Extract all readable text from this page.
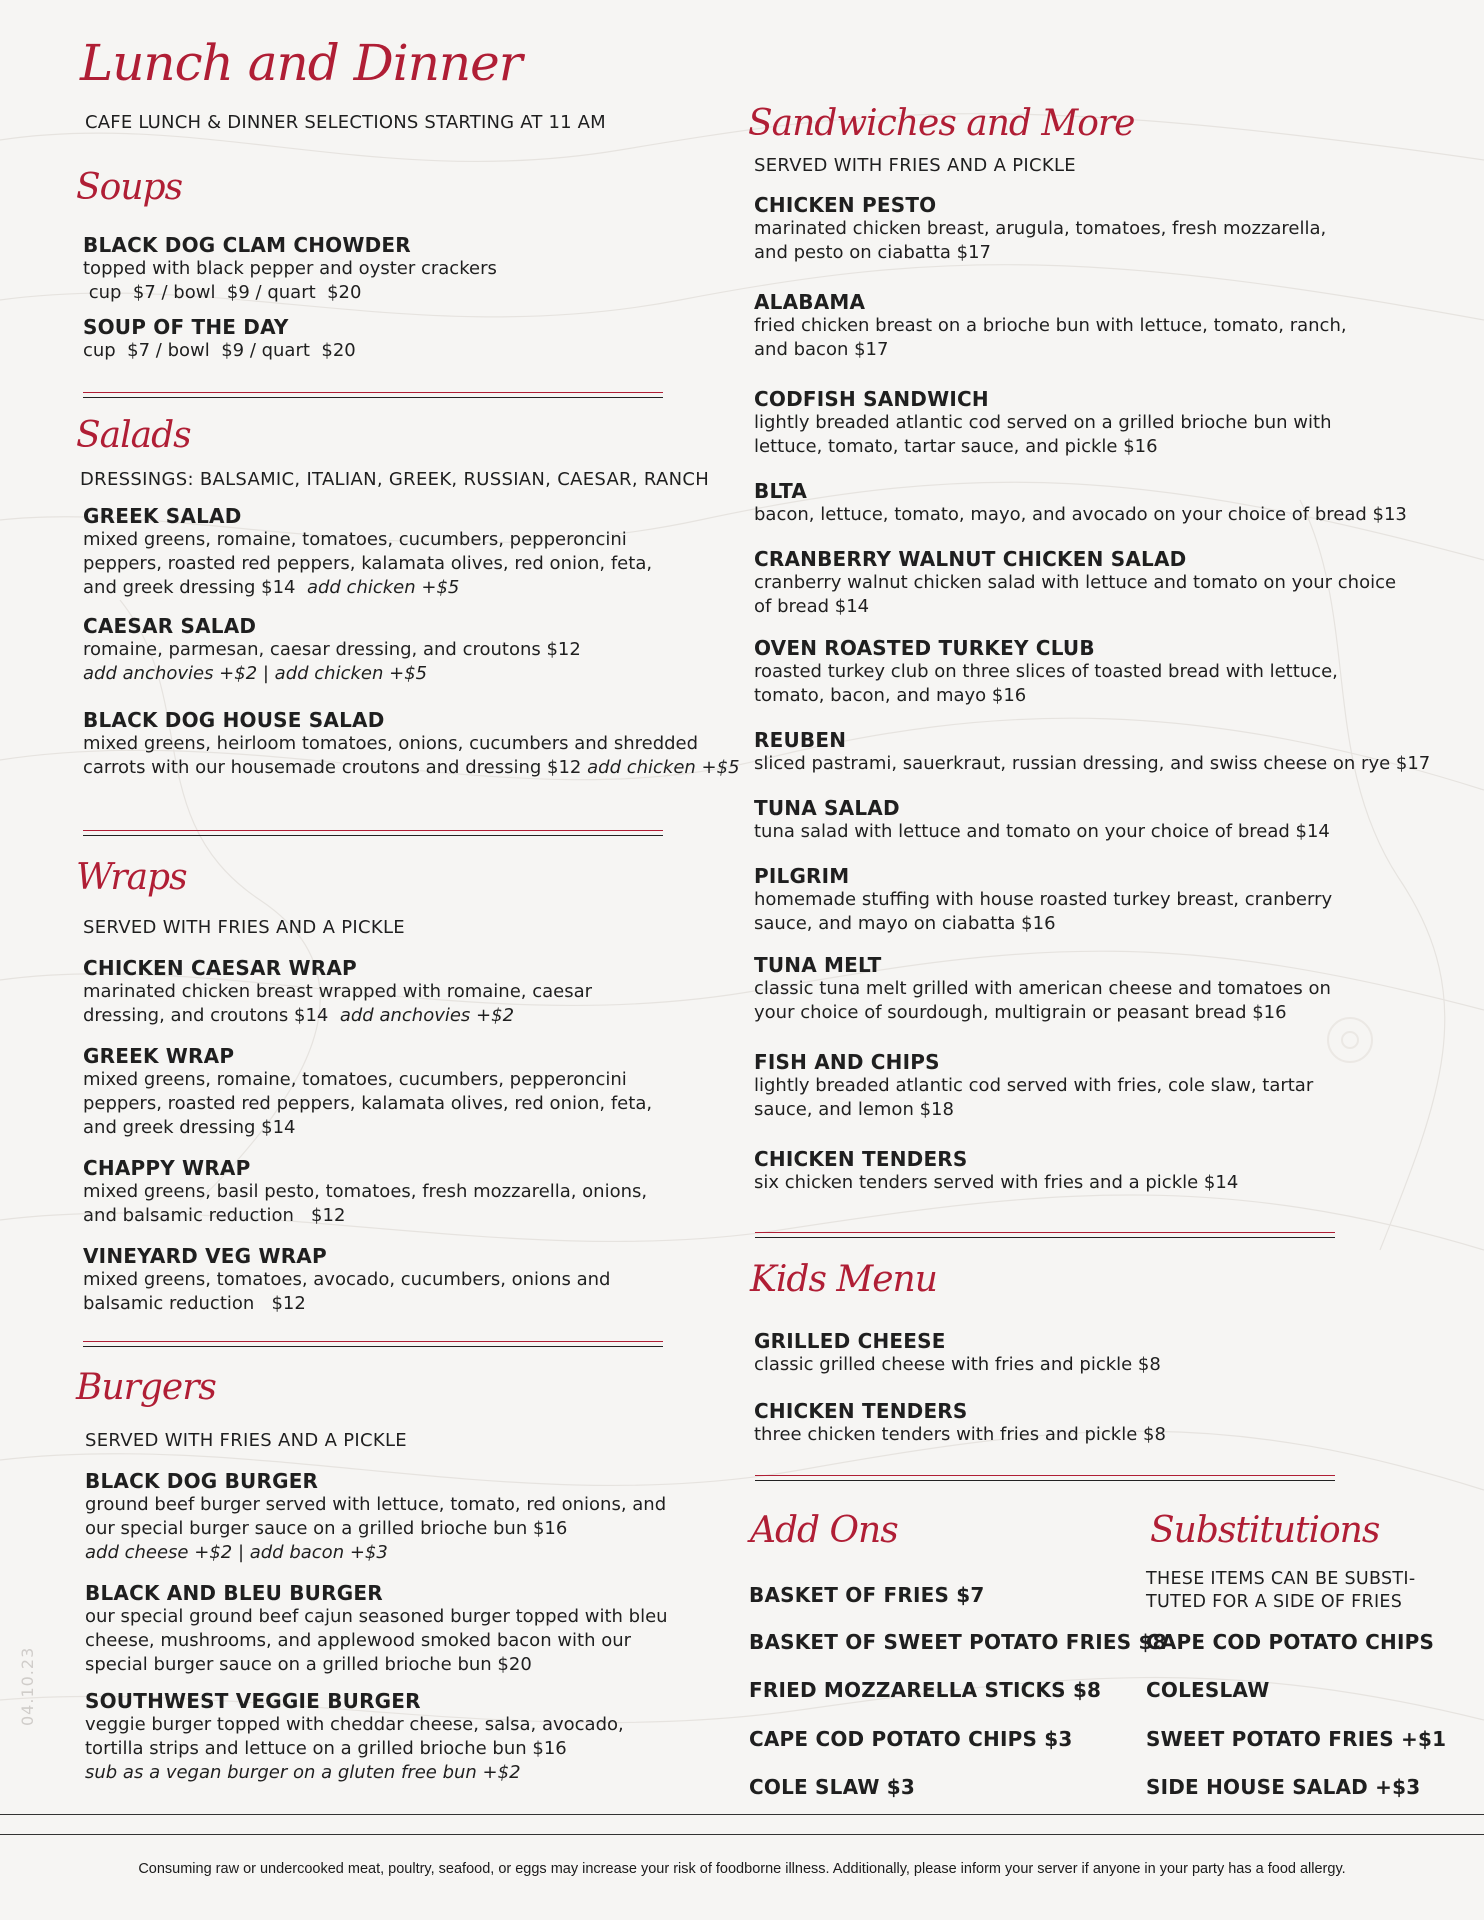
04.10.23
Lunch and Dinner
CAFE LUNCH & DINNER SELECTIONS STARTING AT 11 AM
Soups
BLACK DOG CLAM CHOWDER
topped with black pepper and oyster crackers
cup  $7 / bowl  $9 / quart  $20
SOUP OF THE DAY
cup  $7 / bowl  $9 / quart  $20
Salads
DRESSINGS: BALSAMIC, ITALIAN, GREEK, RUSSIAN, CAESAR, RANCH
GREEK SALAD
mixed greens, romaine, tomatoes, cucumbers, pepperoncini
peppers, roasted red peppers, kalamata olives, red onion, feta,
and greek dressing $14 add chicken +$5
CAESAR SALAD
romaine, parmesan, caesar dressing, and croutons $12
add anchovies +$2 | add chicken +$5
BLACK DOG HOUSE SALAD
mixed greens, heirloom tomatoes, onions, cucumbers and shredded
carrots with our housemade croutons and dressing $12 add chicken +$5
Wraps
SERVED WITH FRIES AND A PICKLE
CHICKEN CAESAR WRAP
marinated chicken breast wrapped with romaine, caesar
dressing, and croutons $14 add anchovies +$2
GREEK WRAP
mixed greens, romaine, tomatoes, cucumbers, pepperoncini
peppers, roasted red peppers, kalamata olives, red onion, feta,
and greek dressing $14
CHAPPY WRAP
mixed greens, basil pesto, tomatoes, fresh mozzarella, onions,
and balsamic reduction   $12
VINEYARD VEG WRAP
mixed greens, tomatoes, avocado, cucumbers, onions and
balsamic reduction   $12
Burgers
SERVED WITH FRIES AND A PICKLE
BLACK DOG BURGER
ground beef burger served with lettuce, tomato, red onions, and
our special burger sauce on a grilled brioche bun $16
add cheese +$2 | add bacon +$3
BLACK AND BLEU BURGER
our special ground beef cajun seasoned burger topped with bleu
cheese, mushrooms, and applewood smoked bacon with our
special burger sauce on a grilled brioche bun $20
SOUTHWEST VEGGIE BURGER
veggie burger topped with cheddar cheese, salsa, avocado,
tortilla strips and lettuce on a grilled brioche bun $16
sub as a vegan burger on a gluten free bun +$2
Sandwiches and More
SERVED WITH FRIES AND A PICKLE
CHICKEN PESTO
marinated chicken breast, arugula, tomatoes, fresh mozzarella,
and pesto on ciabatta $17
ALABAMA
fried chicken breast on a brioche bun with lettuce, tomato, ranch,
and bacon $17
CODFISH SANDWICH
lightly breaded atlantic cod served on a grilled brioche bun with
lettuce, tomato, tartar sauce, and pickle $16
BLTA
bacon, lettuce, tomato, mayo, and avocado on your choice of bread $13
CRANBERRY WALNUT CHICKEN SALAD
cranberry walnut chicken salad with lettuce and tomato on your choice
of bread $14
OVEN ROASTED TURKEY CLUB
roasted turkey club on three slices of toasted bread with lettuce,
tomato, bacon, and mayo $16
REUBEN
sliced pastrami, sauerkraut, russian dressing, and swiss cheese on rye $17
TUNA SALAD
tuna salad with lettuce and tomato on your choice of bread $14
PILGRIM
homemade stuffing with house roasted turkey breast, cranberry
sauce, and mayo on ciabatta $16
TUNA MELT
classic tuna melt grilled with american cheese and tomatoes on
your choice of sourdough, multigrain or peasant bread $16
FISH AND CHIPS
lightly breaded atlantic cod served with fries, cole slaw, tartar
sauce, and lemon $18
CHICKEN TENDERS
six chicken tenders served with fries and a pickle $14
Kids Menu
GRILLED CHEESE
classic grilled cheese with fries and pickle $8
CHICKEN TENDERS
three chicken tenders with fries and pickle $8
Add Ons
BASKET OF FRIES $7
BASKET OF SWEET POTATO FRIES $8
FRIED MOZZARELLA STICKS $8
CAPE COD POTATO CHIPS $3
COLE SLAW $3
Substitutions
THESE ITEMS CAN BE SUBSTI-
TUTED FOR A SIDE OF FRIES
CAPE COD POTATO CHIPS
COLESLAW
SWEET POTATO FRIES +$1
SIDE HOUSE SALAD +$3
Consuming raw or undercooked meat, poultry, seafood, or eggs may increase your risk of foodborne illness. Additionally, please inform your server if anyone in your party has a food allergy.
